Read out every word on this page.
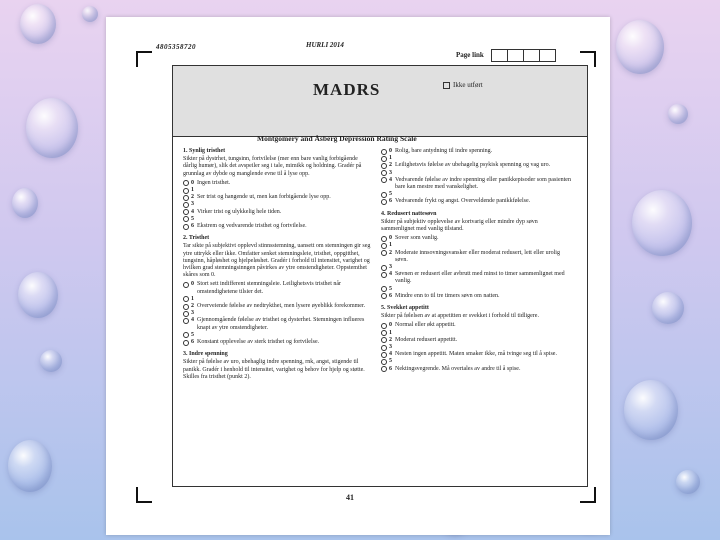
4805358720	HURLI 2014
Page link
MADRS	Ikke utført
Montgomery and Åsberg Depression Rating Scale
1. Synlig tristhet
Sikter på dystrhet, tungsinn, fortvilelse (mer enn bare vanlig forbigående dårlig humør), slik det avspeiler seg i tale, mimikk og holdning. Gradér på grunnlag av dybde og manglende evne til å lyse opp.
0 Ingen tristhet.
1
2 Ser trist og hangende ut, men kan forbigående lyse opp.
3
4 Virker trist og ulykkelig hele tiden.
5
6 Ekstrem og vedvarende tristhet og fortvilelse.
2. Tristhet
Tar sikte på subjektivt opplevd stinnsstemning, uansett om stemningen gir seg ytre uttrykk eller ikke. Omfatter senket stemningsleie, tristhet, oppgitthet, tungsinn, håpløshet og hjelpeløshet. Gradér i forhold til intensitet, varighet og hvilken grad stemningsinngen påvirkes av ytre omstendigheter. Oppstemthet skåres som 0.
0 Stort sett indifferent stemningsleie. Leilighetsvis tristhet når omstendighetene tilsier det.
1
2 Overveiende følelse av nedtrykthet, men lysere øyeblikk forekommer.
3
4 Gjennomgående følelse av tristhet og dysterhet. Stemningen influeres knapt av ytre omstendigheter.
5
6 Konstant opplevelse av sterk tristhet og fortvilelse.
3. Indre spenning
Sikter på følelse av uro, ubehaglig indre spenning, rnk, angst, stigende til panikk. Gradér i henhold til intensitet, varighet og behov for hjelp og støtte. Skilles fra tristhet (punkt 2).
0 Rolig, bare antydning til indre spenning.
1
2 Leilighetsvis følelse av ubehagelig psykisk spenning og vag uro.
3
4 Vedvarende følelse av indre spenning eller panikkepisoder som pasienten bare kan mestre med vanskelighet.
5
6 Vedvarende frykt og angst. Overveldende panikkfølelse.
4. Redusert nattesøvn
Sikter på subjektiv opplevelse av kortvarig eller mindre dyp søvn sammenlignet med vanlig tilstand.
0 Sover som vanlig.
1
2 Moderate innsovningsvansker eller moderat redusert, lett eller urolig søvn.
3
4 Søvnen er redusert eller avbrutt med minst to timer sammenlignet med vanlig.
5
6 Mindre enn to til tre timers søvn om natten.
5. Svekket appetitt
Sikter på følelsen av at appetitten er svekket i forhold til tidligere.
0 Normal eller økt appetitt.
1
2 Moderat redusert appetitt.
3
4 Nesten ingen appetitt. Maten smaker ikke, må tvinge seg til å spise.
5
6 Nektingsvegrende. Må overtales av andre til å spise.
41
